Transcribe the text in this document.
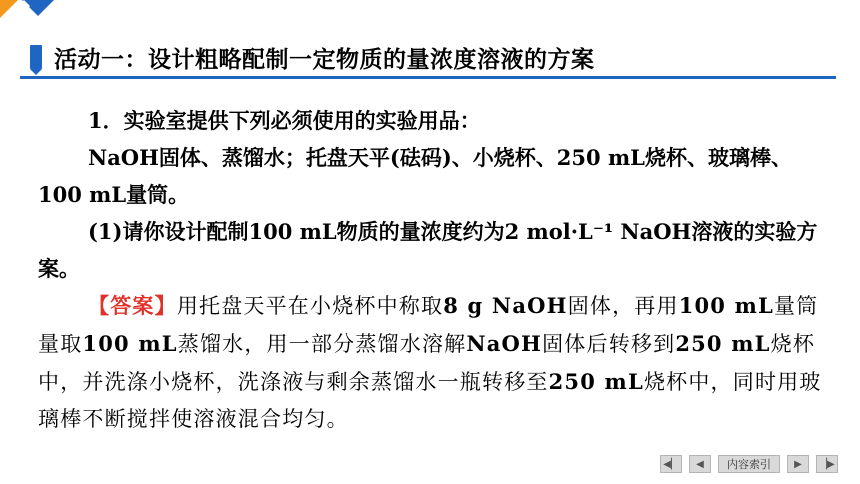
活动一：设计粗略配制一定物质的量浓度溶液的方案

1．实验室提供下列必须使用的实验用品：

NaOH固体、蒸馏水；托盘天平(砝码)、小烧杯、250 mL烧杯、玻璃棒、100 mL量筒。

(1)请你设计配制100 mL物质的量浓度约为2 mol·L⁻¹ NaOH溶液的实验方案。

【答案】用托盘天平在小烧杯中称取8 g NaOH固体，再用100 mL量筒量取100 mL蒸馏水，用一部分蒸馏水溶解NaOH固体后转移到250 mL烧杯中，并洗涤小烧杯，洗涤液与剩余蒸馏水一瓶转移至250 mL烧杯中，同时用玻璃棒不断搅拌使溶液混合均匀。

◀▏	◀	内容索引	▶	▕▶
